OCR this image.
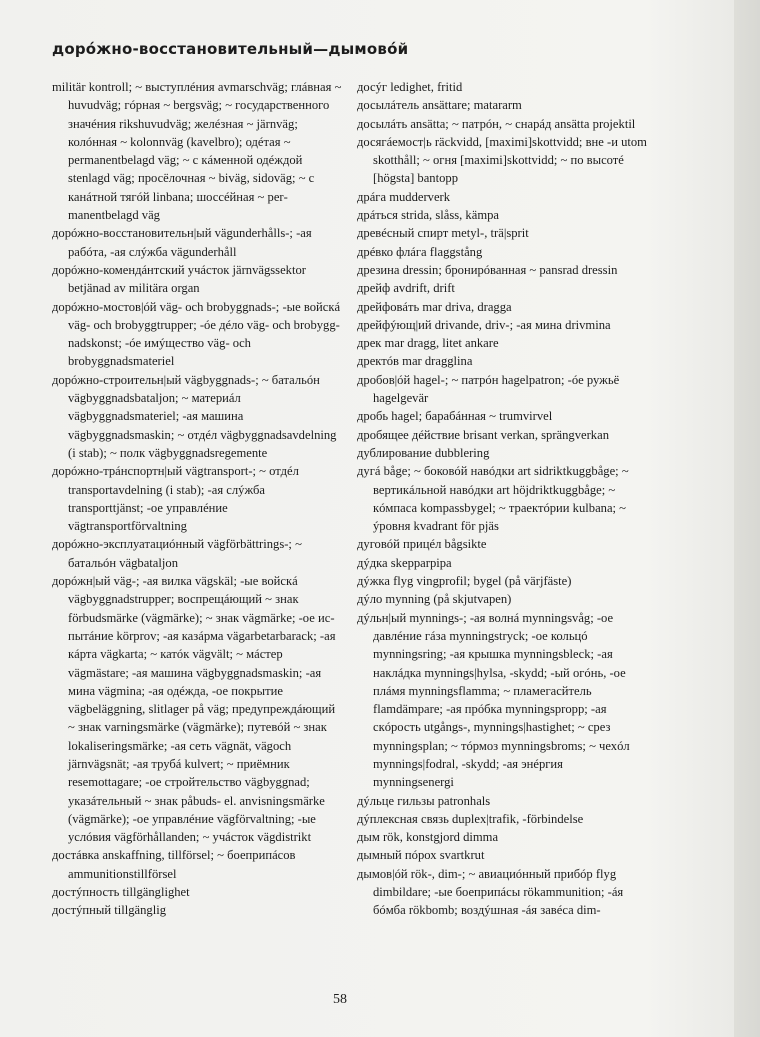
дорóжно-восстановительный—дымовóй
militär kontroll; ~ выступлéния avmarschväg; глáвная ~ huvudväg; гóрная ~ bergsväg; ~ государственного значéния rikshuvudväg; желéзная ~ järnväg; колóнная ~ kolonnväg (kavelbro); одéтая ~ permanentbelagd väg; ~ с кáменной одéждой stenlagd väg; просёлочная ~ biväg, sidoväg; ~ с канáтной тягóй linbana; шоссéйная ~ permanentbelagd väg
дорóжно-восстановительн|ый vägunderhålls-; -ая рабóта, -ая слýжба vägunderhåll
дорóжно-комендáнтский учáсток järnvägssektor betjänad av militära organ
дорóжно-мостов|óй väg- och brobyggnads-; -ые войскá väg- och brobyggtrupper; -óе дéло väg- och brobyggnadskonst; -óе имýщество väg- och brobyggnadsmateriel
дорóжно-строительн|ый vägbyggnads-; ~ батальóн vägbyggnadsbataljon; ~ материáл vägbyggnadsmateriel; -ая машина vägbyggnadsmaskin; ~ отдéл vägbyggnadsavdelning (i stab); ~ полк vägbyggnadsregemente
дорóжно-трáнспортн|ый vägtransport-; ~ отдéл transportavdelning (i stab); -ая слýжба transporttjänst; -ое управлéние vägtransportförvaltning
дорóжно-эксплуатациóнный vägförbättrings-; ~ батальóн vägbataljon
дорóжн|ый väg-; -ая вилка vägskäl; -ые войскá vägbyggnadstrupper; воспрещáющий ~ знак förbudsmärke (vägmärke); ~ знак vägmärke; -ое испытáние körprov; -ая казáрма vägarbetarbarack; -ая кáрта vägkarta; ~ катóк vägvält; ~ мáстер vägmästare; -ая машина vägbyggnadsmaskin; -ая мина vägmina; -ая одéжда, -ое покрытие vägbeläggning, slitlager på väg; предупреждáющий ~ знак varningsmärke (vägmärke); путевóй ~ знак lokaliseringsmärke; -ая сеть vägnät, vägoch järnvägsnät; -ая трубá kulvert; ~ приёмник resemottagare; -ое стройтельство vägbyggnad; указáтельный ~ знак påbuds- el. anvisningsmärke (vägmärke); -ое управлéние vägförvaltning; -ые услóвия vägförhållanden; ~ учáсток vägdistrikt
достáвка anskaffning, tillförsel; ~ боеприпáсов ammunitionstillförsel
достýпность tillgänglighet
достýпный tillgänglig
досýг ledighet, fritid
досылáтель ansättare; matararm
досылáть ansätta; ~ патрóн, ~ снарáд ansätta projektil
досягáемост|ь räckvidd, [maximi]skottvidd; вне -и utom skotthåll; ~ огня [maximi]skottvidd; ~ по высотé [högsta] bantopp
дрáга mudderverk
дрáться strida, slåss, kämpa
древéсный спирт metyl-, trä|sprit
дрéвко флáга flaggstång
дрезина dressin; бронирóванная ~ pansrad dressin
дрейф avdrift, drift
дрейфовáть mar driva, dragga
дрейфýющ|ий drivande, driv-; -ая мина drivmina
дрек mar dragg, litet ankare
дректóв mar dragglina
дробов|óй hagel-; ~ патрóн hagelpatron; -óе ружьё hagelgevär
дробь hagel; барабáнная ~ trumvirvel
дробящее дéйствие brisant verkan, sprängverkan
дублирование dubblering
дугá båge; ~ боковóй навóдки art sidriktkuggbåge; ~ вертикáльной навóдки art höjdriktkuggbåge; ~ кóмпаса kompassbygel; ~ траектóрии kulbana; ~ ýровня kvadrant för pjäs
дуговóй прицéл bågsikte
дýдка skepparpipa
дýжка flyg vingprofil; bygel (på värjfäste)
дýло mynning (på skjutvapen)
дýльн|ый mynnings-; -ая волнá mynningsvåg; -ое давлéние гáза mynningstryck; -ое кольцó mynningsring; -ая крышка mynningsbleck; -ая наклáдка mynnings|hylsa, -skydd; -ый огóнь, -ое плáмя mynningsflamma; ~ пламегасйтель flamdämpare; -ая прóбка mynningspropp; -ая скóрость utgångs-, mynnings|hastighet; ~ срез mynningsplan; ~ тóрмоз mynningsbroms; ~ чехóл mynnings|fodral, -skydd; -ая энéргия mynningsenergi
дýльце гильзы patronhals
дýплексная связь duplex|trafik, -förbindelse
дым rök, konstgjord dimma
дымный пóрох svartkrut
дымов|óй rök-, dim-; ~ авиациóнный прибóр flyg dimbildare; -ые боеприпáсы rökammunition; -áя бóмба rökbomb; воздýшная -áя завéса dim-
58
